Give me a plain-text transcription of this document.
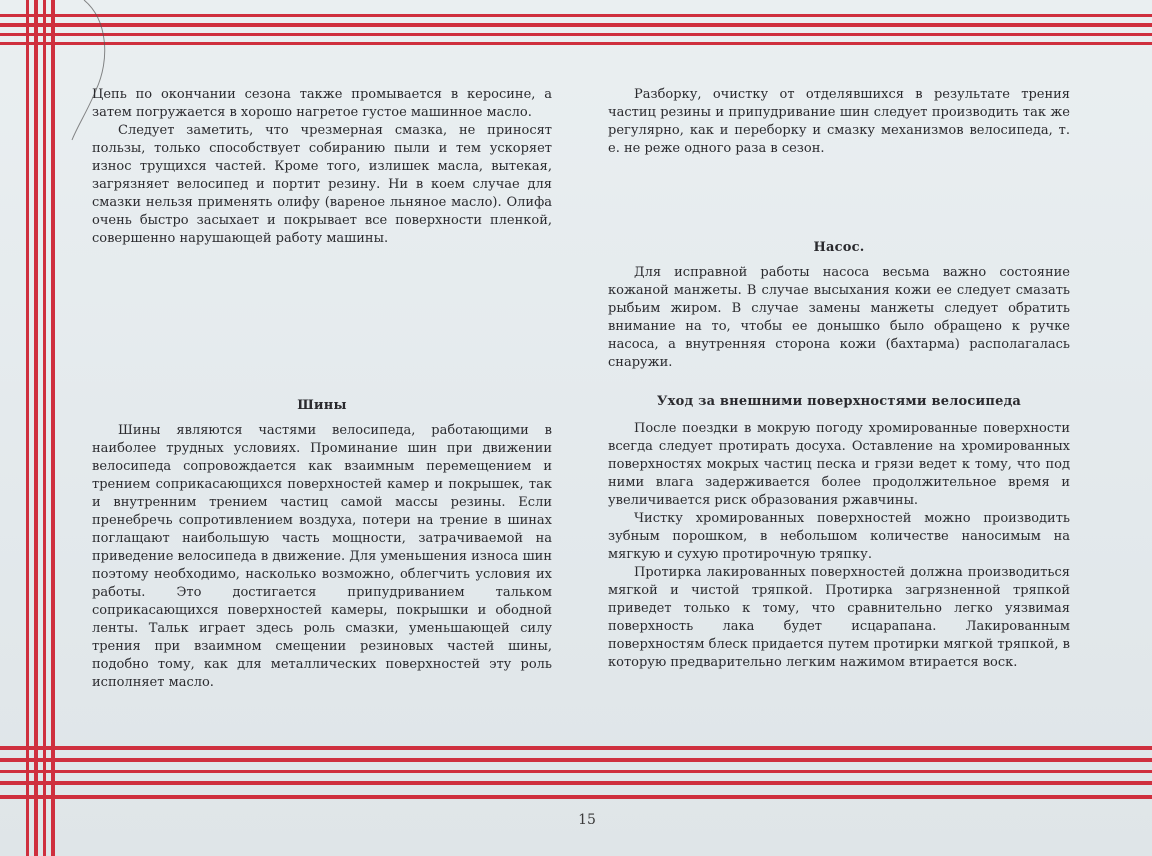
Цепь по окончании сезона также промывается в керосине, а затем погружается в хорошо нагретое густое машинное масло.

Следует заметить, что чрезмерная смазка, не приносят пользы, только способствует собиранию пыли и тем ускоряет износ трущихся частей. Кроме того, излишек масла, вытекая, загрязняет велосипед и портит резину. Ни в коем случае для смазки нельзя применять олифу (вареное льняное масло). Олифа очень быстро засыхает и покрывает все поверхности пленкой, совершенно нарушающей работу машины.

Шины

Шины являются частями велосипеда, работающими в наиболее трудных условиях. Проминание шин при движении велосипеда сопровождается как взаимным перемещением и трением соприкасающихся поверхностей камер и покрышек, так и внутренним трением частиц самой массы резины. Если пренебречь сопротивлением воздуха, потери на трение в шинах поглащают наибольшую часть мощности, затрачиваемой на приведение велосипеда в движение. Для уменьшения износа шин поэтому необходимо, насколько возможно, облегчить условия их работы. Это достигается припудриванием тальком соприкасающихся поверхностей камеры, покрышки и ободной ленты. Тальк играет здесь роль смазки, уменьшающей силу трения при взаимном смещении резиновых частей шины, подобно тому, как для металлических поверхностей эту роль исполняет масло.

Разборку, очистку от отделявшихся в результате трения частиц резины и припудривание шин следует производить так же регулярно, как и переборку и смазку механизмов велосипеда, т. е. не реже одного раза в сезон.

Насос.

Для исправной работы насоса весьма важно состояние кожаной манжеты. В случае высыхания кожи ее следует смазать рыбьим жиром. В случае замены манжеты следует обратить внимание на то, чтобы ее донышко было обращено к ручке насоса, а внутренняя сторона кожи (бахтарма) располагалась снаружи.

Уход за внешними поверхностями велосипеда

После поездки в мокрую погоду хромированные поверхности всегда следует протирать досуха. Оставление на хромированных поверхностях мокрых частиц песка и грязи ведет к тому, что под ними влага задерживается более продолжительное время и увеличивается риск образования ржавчины.

Чистку хромированных поверхностей можно производить зубным порошком, в небольшом количестве наносимым на мягкую и сухую протирочную тряпку.

Протирка лакированных поверхностей должна производиться мягкой и чистой тряпкой. Протирка загрязненной тряпкой приведет только к тому, что сравнительно легко уязвимая поверхность лака будет исцарапана. Лакированным поверхностям блеск придается путем протирки мягкой тряпкой, в которую предварительно легким нажимом втирается воск.

15
